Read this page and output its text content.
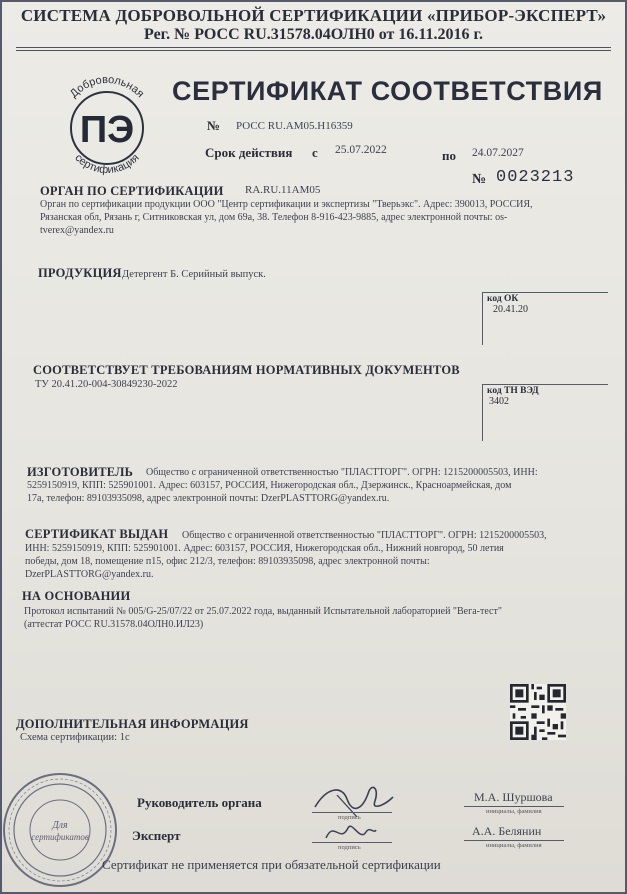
СИСТЕМА ДОБРОВОЛЬНОЙ СЕРТИФИКАЦИИ «ПРИБОР-ЭКСПЕРТ»
Рег. № РОСС RU.31578.04ОЛН0 от 16.11.2016 г.
Добровольная
сертификация
ПЭ
СЕРТИФИКАТ СООТВЕТСТВИЯ
№ РОСС RU.АМ05.Н16359
Срок действия с 25.07.2022	по 24.07.2027
№ 0023213
ОРГАН ПО СЕРТИФИКАЦИИ RA.RU.11АМ05
Орган по сертификации продукции ООО "Центр сертификации и экспертизы "Тверьэкс". Адрес: 390013, РОССИЯ,
Рязанская обл, Рязань г, Ситниковская ул, дом 69а, 38. Телефон 8-916-423-9885, адрес электронной почты: os-
tverex@yandex.ru
ПРОДУКЦИЯ Детергент Б. Серийный выпуск.
код ОК
20.41.20
СООТВЕТСТВУЕТ ТРЕБОВАНИЯМ НОРМАТИВНЫХ ДОКУМЕНТОВ
ТУ 20.41.20-004-30849230-2022
код ТН ВЭД
3402
ИЗГОТОВИТЕЛЬ Общество с ограниченной ответственностью "ПЛАСТТОРГ". ОГРН: 1215200005503, ИНН:
5259150919, КПП: 525901001. Адрес: 603157, РОССИЯ, Нижегородская обл., Дзержинск., Красноармейская, дом
17а, телефон: 89103935098, адрес электронной почты: DzerPLASTTORG@yandex.ru.
СЕРТИФИКАТ ВЫДАН Общество с ограниченной ответственностью "ПЛАСТТОРГ". ОГРН: 1215200005503,
ИНН: 5259150919, КПП: 525901001. Адрес: 603157, РОССИЯ, Нижегородская обл., Нижний новгород, 50 летия
победы, дом 18, помещение п15, офис 212/3, телефон: 89103935098, адрес электронной почты:
DzerPLASTTORG@yandex.ru.
НА ОСНОВАНИИ
Протокол испытаний № 005/G-25/07/22 от 25.07.2022 года, выданный Испытательной лабораторией "Вега-тест"
(аттестат РОСС RU.31578.04ОЛН0.ИЛ23)
ДОПОЛНИТЕЛЬНАЯ ИНФОРМАЦИЯ
Схема сертификации: 1с
Для
сертификатов
Руководитель органа
подпись
М.А. Шуршова
инициалы, фамилия
Эксперт
подпись
А.А. Белянин
инициалы, фамилия
Сертификат не применяется при обязательной сертификации
